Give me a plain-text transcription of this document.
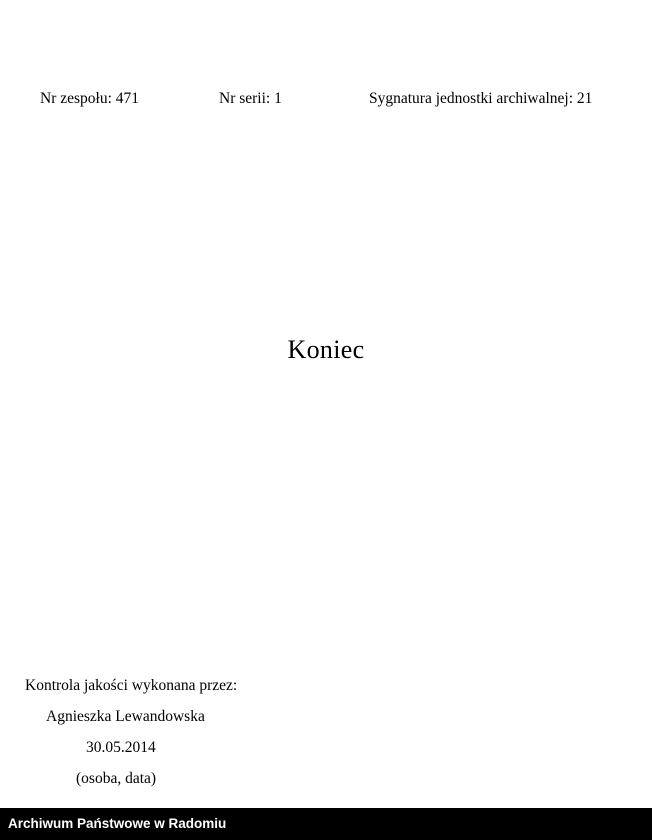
Nr zespołu: 471	Nr serii: 1	Sygnatura jednostki archiwalnej: 21
Koniec
Kontrola jakości wykonana przez:
Agnieszka Lewandowska
30.05.2014
(osoba, data)
Archiwum Państwowe w Radomiu
